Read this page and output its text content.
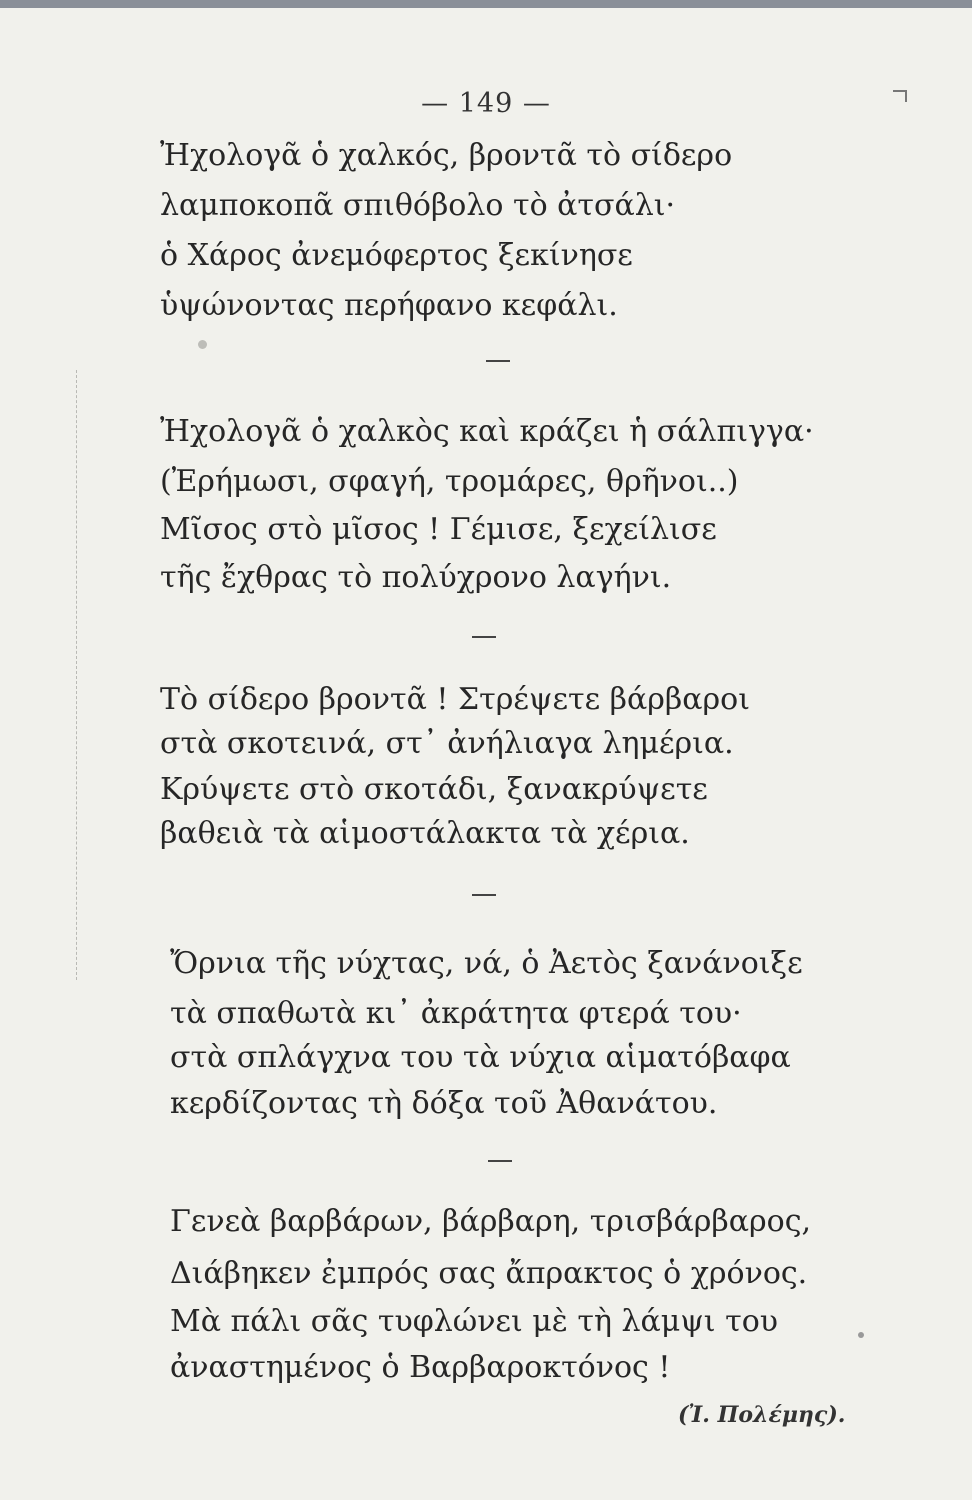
— 149 —
Ἠχολογᾶ ὁ χαλκός, βροντᾶ τὸ σίδερο
λαμποκοπᾶ σπιθόβολο τὸ ἀτσάλι·
ὁ Χάρος ἀνεμόφερτος ξεκίνησε
ὑψώνοντας περήφανο κεφάλι.
Ἠχολογᾶ ὁ χαλκὸς καὶ κράζει ἡ σάλπιγγα·
(Ἐρήμωσι, σφαγή, τρομάρες, θρῆνοι..)
Μῖσος στὸ μῖσος ! Γέμισε, ξεχείλισε
τῆς ἔχθρας τὸ πολύχρονο λαγήνι.
Τὸ σίδερο βροντᾶ ! Στρέψετε βάρβαροι
στὰ σκοτεινά, στ᾽ ἀνήλιαγα λημέρια.
Κρύψετε στὸ σκοτάδι, ξανακρύψετε
βαθειὰ τὰ αἱμοστάλακτα τὰ χέρια.
Ὄρνια τῆς νύχτας, νά, ὁ Ἀετὸς ξανάνοιξε
τὰ σπαθωτὰ κι᾽ ἀκράτητα φτερά του·
στὰ σπλάγχνα του τὰ νύχια αἱματόβαφα
κερδίζοντας τὴ δόξα τοῦ Ἀθανάτου.
Γενεὰ βαρβάρων, βάρβαρη, τρισβάρβαρος,
Διάβηκεν ἐμπρός σας ἄπρακτος ὁ χρόνος.
Μὰ πάλι σᾶς τυφλώνει μὲ τὴ λάμψι του
ἀναστημένος ὁ Βαρβαροκτόνος !
(Ἰ. Πολέμης).
